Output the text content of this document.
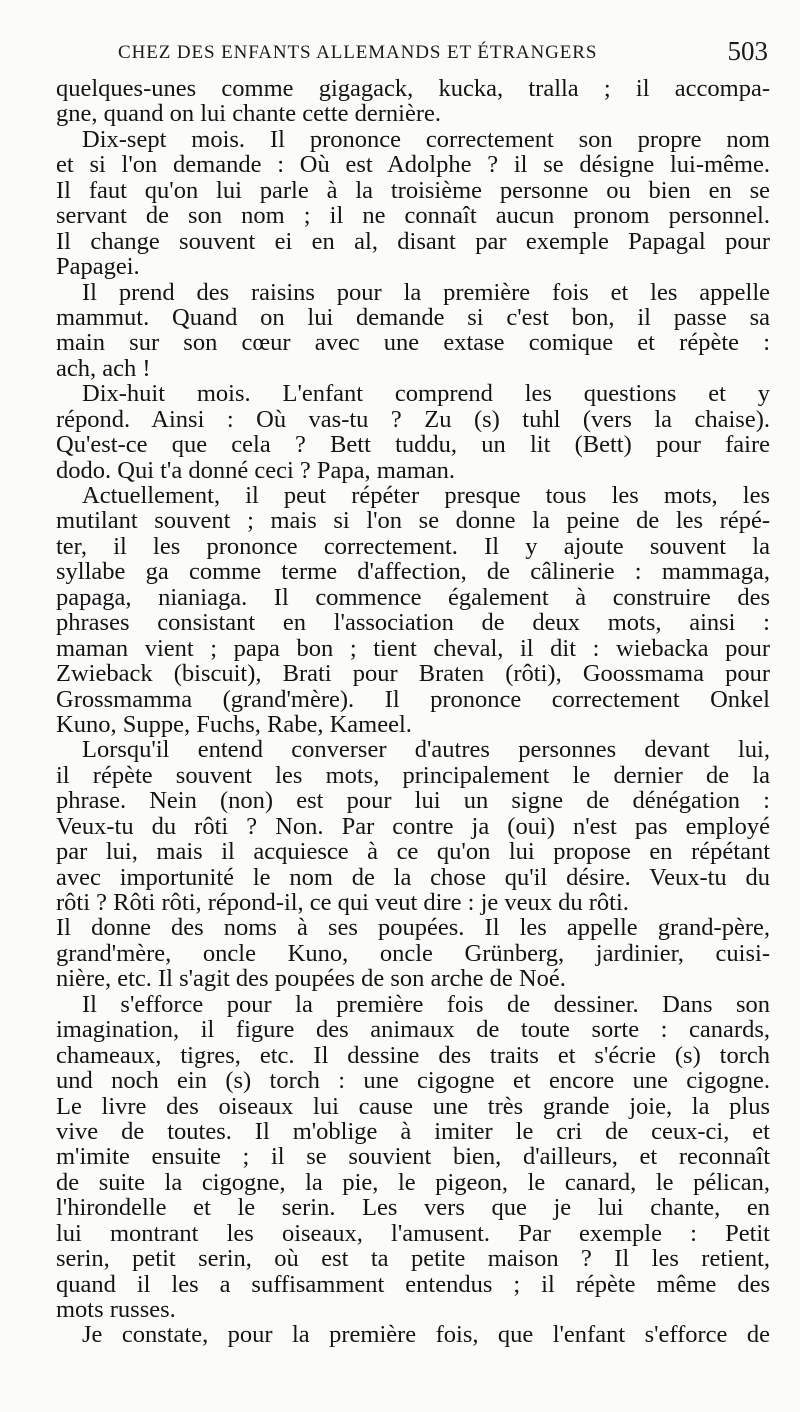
CHEZ DES ENFANTS ALLEMANDS ET ÉTRANGERS	503
quelques-unes comme gigagack, kucka, tralla ; il accompa-
gne, quand on lui chante cette dernière.
Dix-sept mois. Il prononce correctement son propre nom
et si l'on demande : Où est Adolphe ? il se désigne lui-même.
Il faut qu'on lui parle à la troisième personne ou bien en se
servant de son nom ; il ne connaît aucun pronom personnel.
Il change souvent ei en al, disant par exemple Papagal pour
Papagei.
Il prend des raisins pour la première fois et les appelle
mammut. Quand on lui demande si c'est bon, il passe sa
main sur son cœur avec une extase comique et répète :
ach, ach !
Dix-huit mois. L'enfant comprend les questions et y
répond. Ainsi : Où vas-tu ? Zu (s) tuhl (vers la chaise).
Qu'est-ce que cela ? Bett tuddu, un lit (Bett) pour faire
dodo. Qui t'a donné ceci ? Papa, maman.
Actuellement, il peut répéter presque tous les mots, les
mutilant souvent ; mais si l'on se donne la peine de les répé-
ter, il les prononce correctement. Il y ajoute souvent la
syllabe ga comme terme d'affection, de câlinerie : mammaga,
papaga, nianiaga. Il commence également à construire des
phrases consistant en l'association de deux mots, ainsi :
maman vient ; papa bon ; tient cheval, il dit : wiebacka pour
Zwieback (biscuit), Brati pour Braten (rôti), Goossmama pour
Grossmamma (grand'mère). Il prononce correctement Onkel
Kuno, Suppe, Fuchs, Rabe, Kameel.
Lorsqu'il entend converser d'autres personnes devant lui,
il répète souvent les mots, principalement le dernier de la
phrase. Nein (non) est pour lui un signe de dénégation :
Veux-tu du rôti ? Non. Par contre ja (oui) n'est pas employé
par lui, mais il acquiesce à ce qu'on lui propose en répétant
avec importunité le nom de la chose qu'il désire. Veux-tu du
rôti ? Rôti rôti, répond-il, ce qui veut dire : je veux du rôti.
Il donne des noms à ses poupées. Il les appelle grand-père,
grand'mère, oncle Kuno, oncle Grünberg, jardinier, cuisi-
nière, etc. Il s'agit des poupées de son arche de Noé.
Il s'efforce pour la première fois de dessiner. Dans son
imagination, il figure des animaux de toute sorte : canards,
chameaux, tigres, etc. Il dessine des traits et s'écrie (s) torch
und noch ein (s) torch : une cigogne et encore une cigogne.
Le livre des oiseaux lui cause une très grande joie, la plus
vive de toutes. Il m'oblige à imiter le cri de ceux-ci, et
m'imite ensuite ; il se souvient bien, d'ailleurs, et reconnaît
de suite la cigogne, la pie, le pigeon, le canard, le pélican,
l'hirondelle et le serin. Les vers que je lui chante, en
lui montrant les oiseaux, l'amusent. Par exemple : Petit
serin, petit serin, où est ta petite maison ? Il les retient,
quand il les a suffisamment entendus ; il répète même des
mots russes.
Je constate, pour la première fois, que l'enfant s'efforce de
